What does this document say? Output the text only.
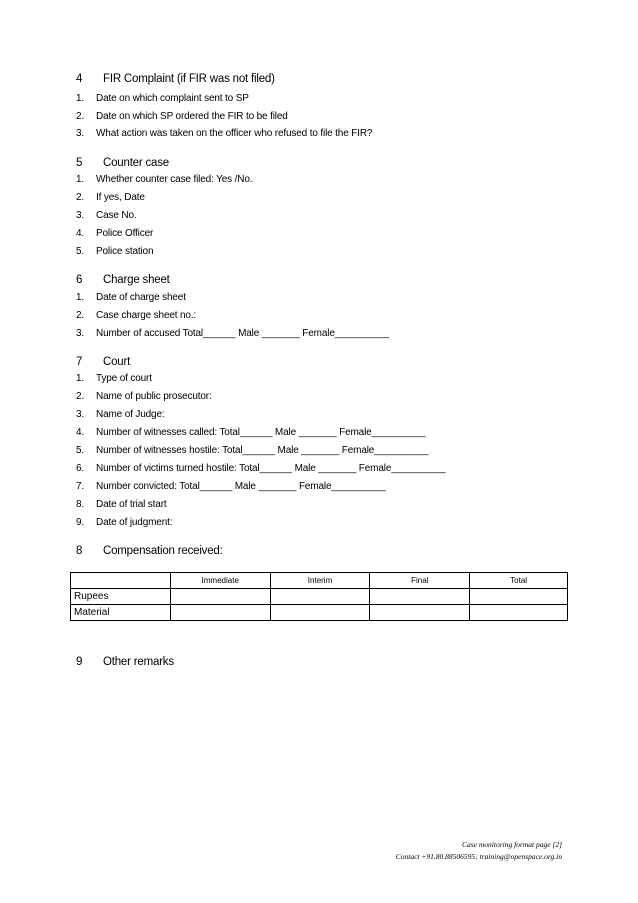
4 FIR Complaint (if FIR was not filed)
1. Date on which complaint sent to SP
2. Date on which SP ordered the FIR to be filed
3. What action was taken on the officer who refused to file the FIR?
5 Counter case
1. Whether counter case filed: Yes /No.
2. If yes, Date
3. Case No.
4. Police Officer
5. Police station
6 Charge sheet
1. Date of charge sheet
2. Case charge sheet no.:
3. Number of accused Total______ Male _______ Female__________
7 Court
1. Type of court
2. Name of public prosecutor:
3. Name of Judge:
4. Number of witnesses called: Total______ Male _______ Female__________
5. Number of witnesses hostile: Total______ Male _______ Female__________
6. Number of victims turned hostile: Total______ Male _______ Female__________
7. Number convicted: Total______ Male _______ Female__________
8. Date of trial start
9. Date of judgment:
8 Compensation received:
	Immediate	Interim	Final	Total
Rupees				
Material				
9 Other remarks
Case monitoring format page [2]
Contact +91.80.88506595; training@openspace.org.in
